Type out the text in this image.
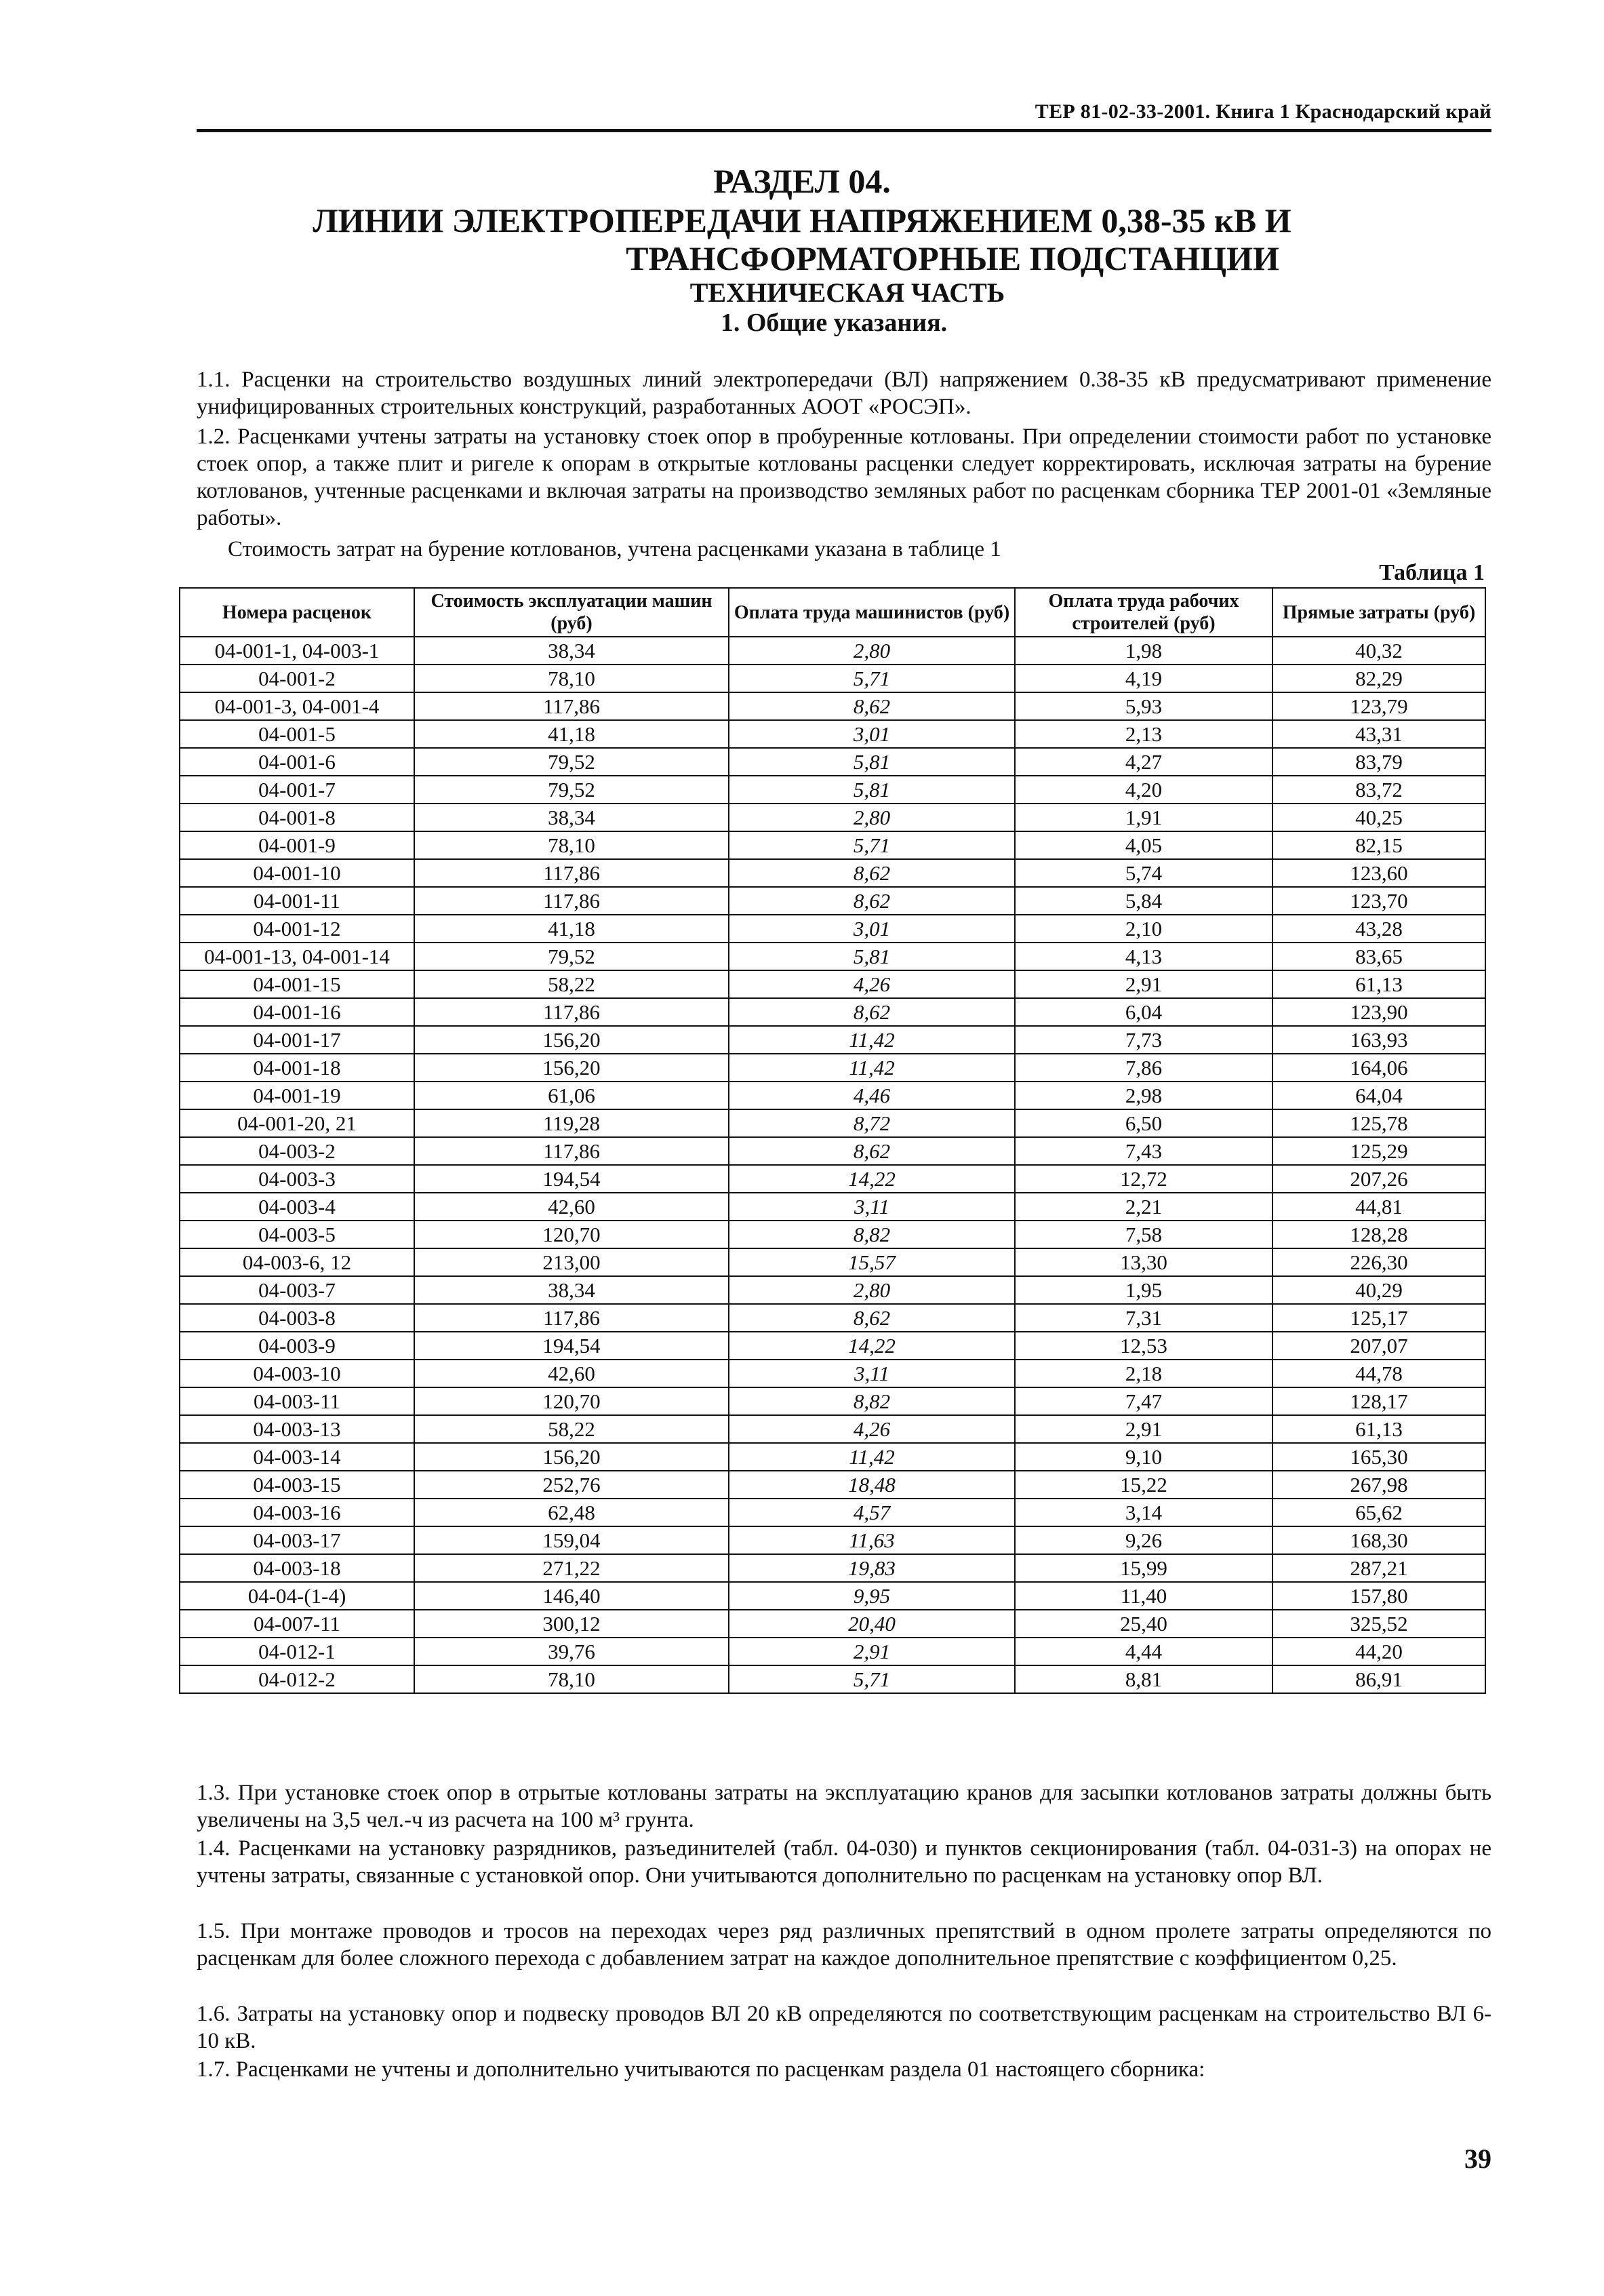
ТЕР 81-02-33-2001. Книга 1 Краснодарский край
РАЗДЕЛ 04.
ЛИНИИ ЭЛЕКТРОПЕРЕДАЧИ НАПРЯЖЕНИЕМ 0,38-35 кВ И
ТРАНСФОРМАТОРНЫЕ ПОДСТАНЦИИ
ТЕХНИЧЕСКАЯ ЧАСТЬ
1. Общие указания.
1.1. Расценки на строительство воздушных линий электропередачи (ВЛ) напряжением 0.38-35 кВ предусматривают применение унифицированных строительных конструкций, разработанных АООТ «РОСЭП».
1.2. Расценками учтены затраты на установку стоек опор в пробуренные котлованы. При определении стоимости работ по установке стоек опор, а также плит и ригеле к опорам в открытые котлованы расценки следует корректировать, исключая затраты на бурение котлованов, учтенные расценками и включая затраты на производство земляных работ по расценкам сборника ТЕР 2001-01 «Земляные работы».
Стоимость затрат на бурение котлованов, учтена расценками указана в таблице 1
Таблица 1
Номера расценок	Стоимость эксплуатации машин (руб)	Оплата труда машинистов (руб)	Оплата труда рабочих строителей (руб)	Прямые затраты (руб)
04-001-1, 04-003-1	38,34	2,80	1,98	40,32
04-001-2	78,10	5,71	4,19	82,29
04-001-3, 04-001-4	117,86	8,62	5,93	123,79
04-001-5	41,18	3,01	2,13	43,31
04-001-6	79,52	5,81	4,27	83,79
04-001-7	79,52	5,81	4,20	83,72
04-001-8	38,34	2,80	1,91	40,25
04-001-9	78,10	5,71	4,05	82,15
04-001-10	117,86	8,62	5,74	123,60
04-001-11	117,86	8,62	5,84	123,70
04-001-12	41,18	3,01	2,10	43,28
04-001-13, 04-001-14	79,52	5,81	4,13	83,65
04-001-15	58,22	4,26	2,91	61,13
04-001-16	117,86	8,62	6,04	123,90
04-001-17	156,20	11,42	7,73	163,93
04-001-18	156,20	11,42	7,86	164,06
04-001-19	61,06	4,46	2,98	64,04
04-001-20, 21	119,28	8,72	6,50	125,78
04-003-2	117,86	8,62	7,43	125,29
04-003-3	194,54	14,22	12,72	207,26
04-003-4	42,60	3,11	2,21	44,81
04-003-5	120,70	8,82	7,58	128,28
04-003-6, 12	213,00	15,57	13,30	226,30
04-003-7	38,34	2,80	1,95	40,29
04-003-8	117,86	8,62	7,31	125,17
04-003-9	194,54	14,22	12,53	207,07
04-003-10	42,60	3,11	2,18	44,78
04-003-11	120,70	8,82	7,47	128,17
04-003-13	58,22	4,26	2,91	61,13
04-003-14	156,20	11,42	9,10	165,30
04-003-15	252,76	18,48	15,22	267,98
04-003-16	62,48	4,57	3,14	65,62
04-003-17	159,04	11,63	9,26	168,30
04-003-18	271,22	19,83	15,99	287,21
04-04-(1-4)	146,40	9,95	11,40	157,80
04-007-11	300,12	20,40	25,40	325,52
04-012-1	39,76	2,91	4,44	44,20
04-012-2	78,10	5,71	8,81	86,91
1.3. При установке стоек опор в отрытые котлованы затраты на эксплуатацию кранов для засыпки котлованов затраты должны быть увеличены на 3,5 чел.-ч из расчета на 100 м³ грунта.
1.4. Расценками на установку разрядников, разъединителей (табл. 04-030) и пунктов секционирования (табл. 04-031-3) на опорах не учтены затраты, связанные с установкой опор. Они учитываются дополнительно по расценкам на установку опор ВЛ.
1.5. При монтаже проводов и тросов на переходах через ряд различных препятствий в одном пролете затраты определяются по расценкам для более сложного перехода с добавлением затрат на каждое дополнительное препятствие с коэффициентом 0,25.
1.6. Затраты на установку опор и подвеску проводов ВЛ 20 кВ определяются по соответствующим расценкам на строительство ВЛ 6-10 кВ.
1.7. Расценками не учтены и дополнительно учитываются по расценкам раздела 01 настоящего сборника:
39
